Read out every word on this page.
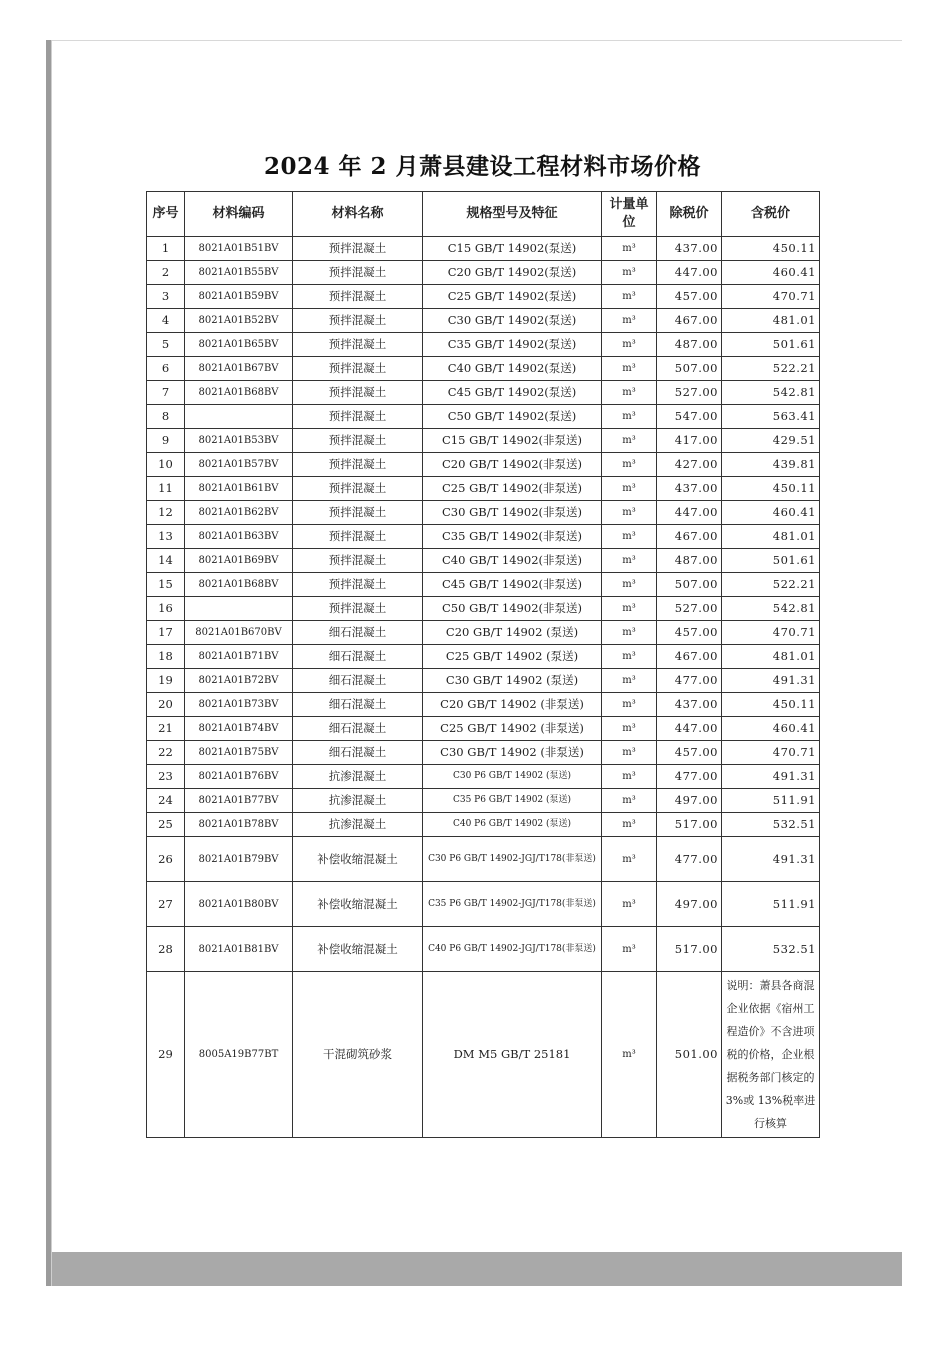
2024 年 2 月萧县建设工程材料市场价格
序号	材料编码	材料名称	规格型号及特征	计量单位	除税价	含税价
1	8021A01B51BV	预拌混凝土	C15 GB/T 14902(泵送)	m³	437.00	450.11
2	8021A01B55BV	预拌混凝土	C20 GB/T 14902(泵送)	m³	447.00	460.41
3	8021A01B59BV	预拌混凝土	C25 GB/T 14902(泵送)	m³	457.00	470.71
4	8021A01B52BV	预拌混凝土	C30 GB/T 14902(泵送)	m³	467.00	481.01
5	8021A01B65BV	预拌混凝土	C35 GB/T 14902(泵送)	m³	487.00	501.61
6	8021A01B67BV	预拌混凝土	C40 GB/T 14902(泵送)	m³	507.00	522.21
7	8021A01B68BV	预拌混凝土	C45 GB/T 14902(泵送)	m³	527.00	542.81
8		预拌混凝土	C50 GB/T 14902(泵送)	m³	547.00	563.41
9	8021A01B53BV	预拌混凝土	C15 GB/T 14902(非泵送)	m³	417.00	429.51
10	8021A01B57BV	预拌混凝土	C20 GB/T 14902(非泵送)	m³	427.00	439.81
11	8021A01B61BV	预拌混凝土	C25 GB/T 14902(非泵送)	m³	437.00	450.11
12	8021A01B62BV	预拌混凝土	C30 GB/T 14902(非泵送)	m³	447.00	460.41
13	8021A01B63BV	预拌混凝土	C35 GB/T 14902(非泵送)	m³	467.00	481.01
14	8021A01B69BV	预拌混凝土	C40 GB/T 14902(非泵送)	m³	487.00	501.61
15	8021A01B68BV	预拌混凝土	C45 GB/T 14902(非泵送)	m³	507.00	522.21
16		预拌混凝土	C50 GB/T 14902(非泵送)	m³	527.00	542.81
17	8021A01B670BV	细石混凝土	C20 GB/T 14902 (泵送)	m³	457.00	470.71
18	8021A01B71BV	细石混凝土	C25 GB/T 14902 (泵送)	m³	467.00	481.01
19	8021A01B72BV	细石混凝土	C30 GB/T 14902 (泵送)	m³	477.00	491.31
20	8021A01B73BV	细石混凝土	C20 GB/T 14902 (非泵送)	m³	437.00	450.11
21	8021A01B74BV	细石混凝土	C25 GB/T 14902 (非泵送)	m³	447.00	460.41
22	8021A01B75BV	细石混凝土	C30 GB/T 14902 (非泵送)	m³	457.00	470.71
23	8021A01B76BV	抗渗混凝土	C30 P6 GB/T 14902 (泵送)	m³	477.00	491.31
24	8021A01B77BV	抗渗混凝土	C35 P6 GB/T 14902 (泵送)	m³	497.00	511.91
25	8021A01B78BV	抗渗混凝土	C40 P6 GB/T 14902 (泵送)	m³	517.00	532.51
26	8021A01B79BV	补偿收缩混凝土	C30 P6 GB/T 14902-JGJ/T178(非泵送)	m³	477.00	491.31
27	8021A01B80BV	补偿收缩混凝土	C35 P6 GB/T 14902-JGJ/T178(非泵送)	m³	497.00	511.91
28	8021A01B81BV	补偿收缩混凝土	C40 P6 GB/T 14902-JGJ/T178(非泵送)	m³	517.00	532.51
29	8005A19B77BT	干混砌筑砂浆	DM M5 GB/T 25181	m³	501.00	说明：萧县各商混企业依据《宿州工程造价》不含进项税的价格，企业根据税务部门核定的3%或 13%税率进行核算
